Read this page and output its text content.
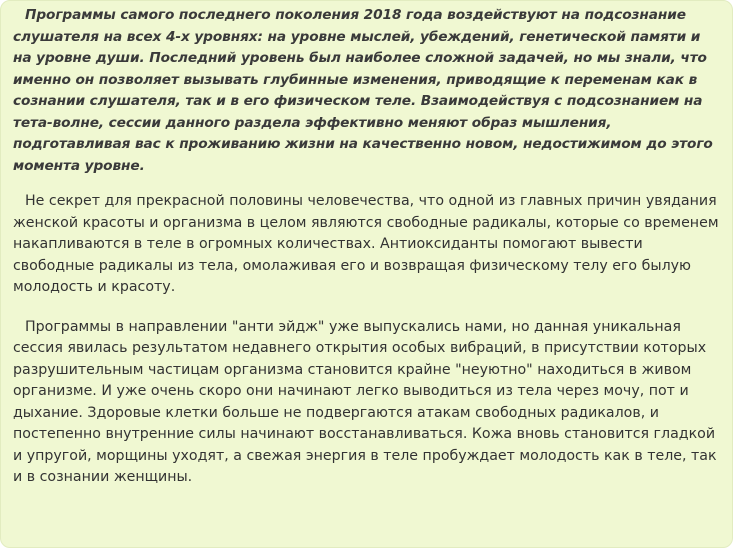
Программы самого последнего поколения 2018 года воздействуют на подсознание слушателя на всех 4-х уровнях: на уровне мыслей, убеждений, генетической памяти и на уровне души. Последний уровень был наиболее сложной задачей, но мы знали, что именно он позволяет вызывать глубинные изменения, приводящие к переменам как в сознании слушателя, так и в его физическом теле. Взаимодействуя с подсознанием на тета-волне, сессии данного раздела эффективно меняют образ мышления, подготавливая вас к проживанию жизни на качественно новом, недостижимом до этого момента уровне.

Не секрет для прекрасной половины человечества, что одной из главных причин увядания женской красоты и организма в целом являются свободные радикалы, которые со временем накапливаются в теле в огромных количествах. Антиоксиданты помогают вывести свободные радикалы из тела, омолаживая его и возвращая физическому телу его былую молодость и красоту.

Программы в направлении "анти эйдж" уже выпускались нами, но данная уникальная сессия явилась результатом недавнего открытия особых вибраций, в присутствии которых разрушительным частицам организма становится крайне "неуютно" находиться в живом организме. И уже очень скоро они начинают легко выводиться из тела через мочу, пот и дыхание. Здоровые клетки больше не подвергаются атакам свободных радикалов, и постепенно внутренние силы начинают восстанавливаться. Кожа вновь становится гладкой и упругой, морщины уходят, а свежая энергия в теле пробуждает молодость как в теле, так и в сознании женщины.
